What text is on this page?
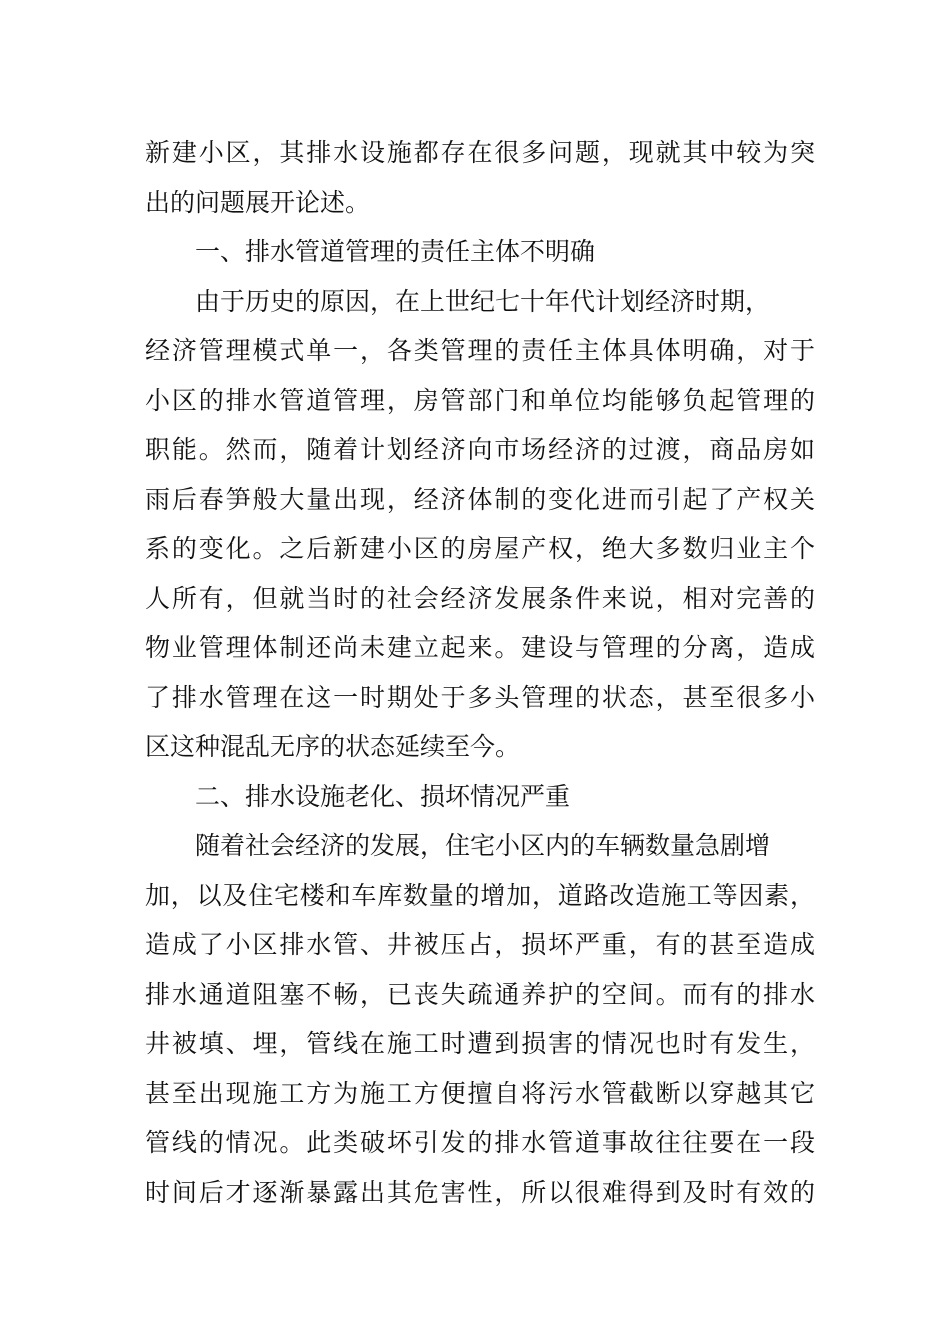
新建小区，其排水设施都存在很多问题，现就其中较为突
出的问题展开论述。
一、排水管道管理的责任主体不明确
由于历史的原因，在上世纪七十年代计划经济时期，
经济管理模式单一，各类管理的责任主体具体明确，对于
小区的排水管道管理，房管部门和单位均能够负起管理的
职能。然而，随着计划经济向市场经济的过渡，商品房如
雨后春笋般大量出现，经济体制的变化进而引起了产权关
系的变化。之后新建小区的房屋产权，绝大多数归业主个
人所有，但就当时的社会经济发展条件来说，相对完善的
物业管理体制还尚未建立起来。建设与管理的分离，造成
了排水管理在这一时期处于多头管理的状态，甚至很多小
区这种混乱无序的状态延续至今。
二、排水设施老化、损坏情况严重
随着社会经济的发展，住宅小区内的车辆数量急剧增
加，以及住宅楼和车库数量的增加，道路改造施工等因素，
造成了小区排水管、井被压占，损坏严重，有的甚至造成
排水通道阻塞不畅，已丧失疏通养护的空间。而有的排水
井被填、埋，管线在施工时遭到损害的情况也时有发生，
甚至出现施工方为施工方便擅自将污水管截断以穿越其它
管线的情况。此类破坏引发的排水管道事故往往要在一段
时间后才逐渐暴露出其危害性，所以很难得到及时有效的
